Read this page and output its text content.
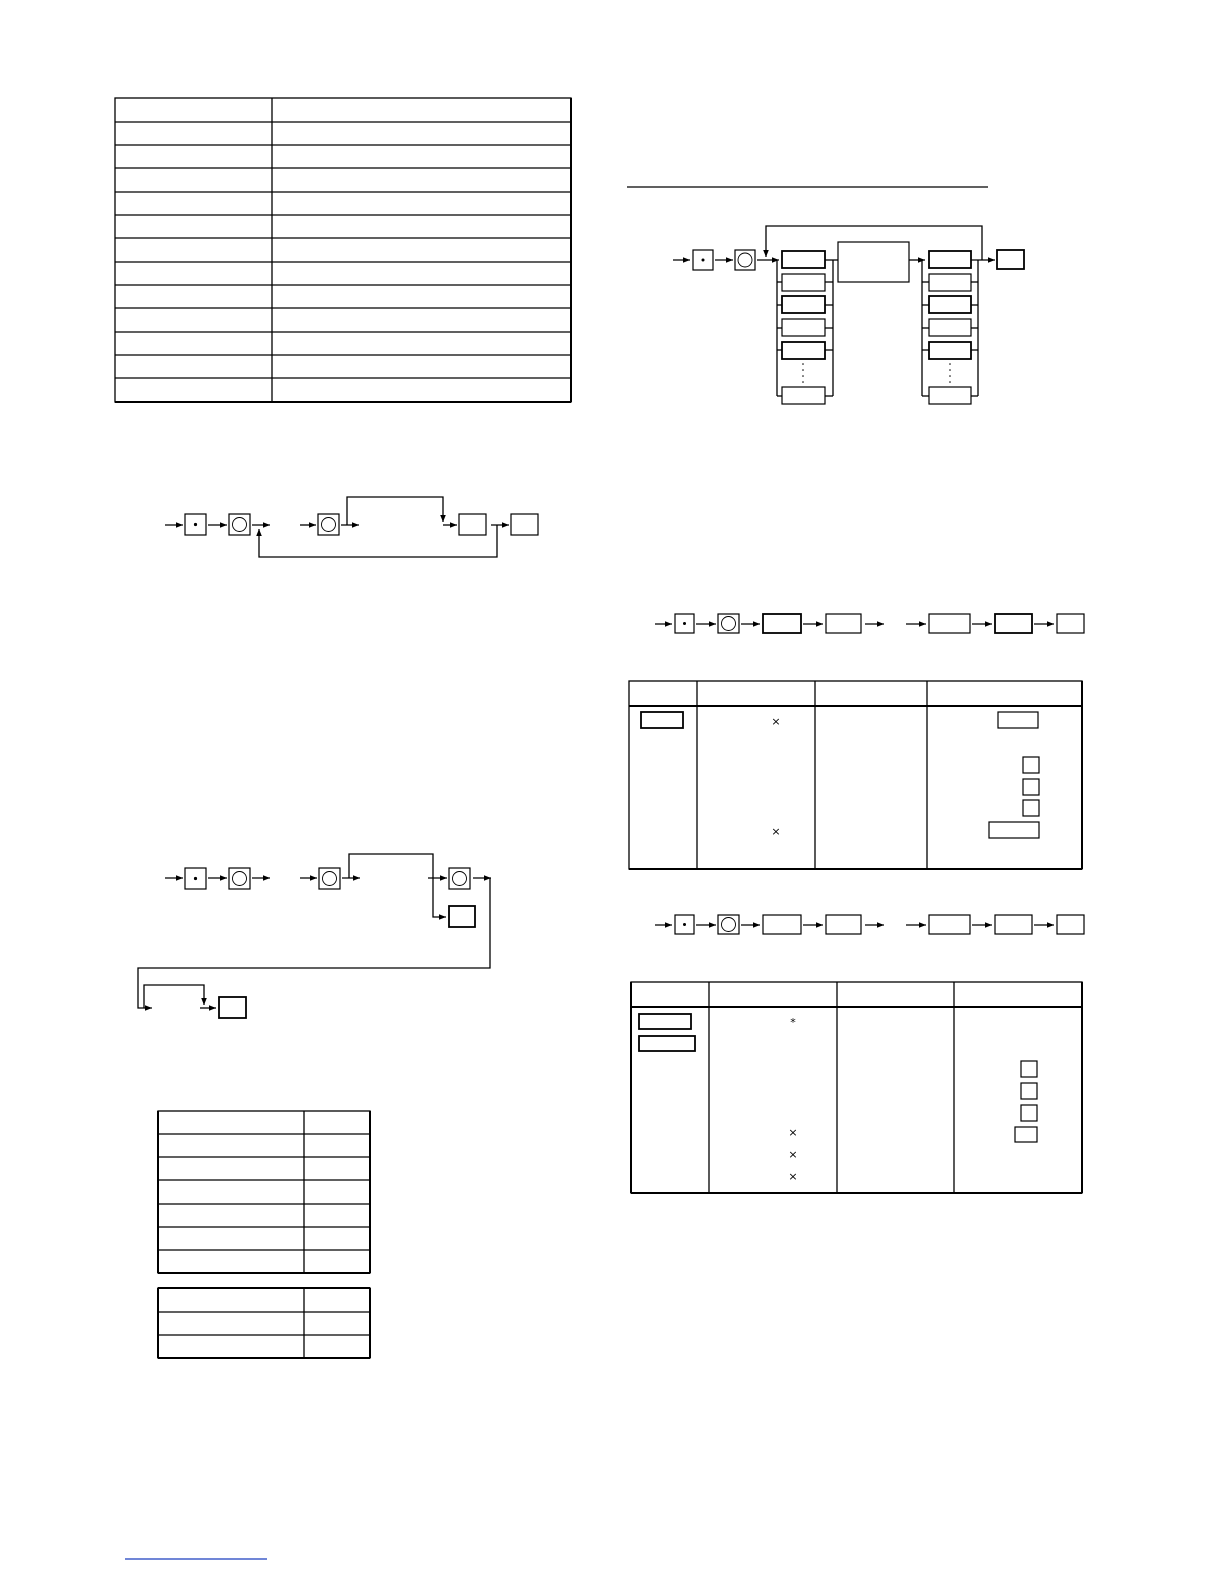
×
×
*
×
×
×
